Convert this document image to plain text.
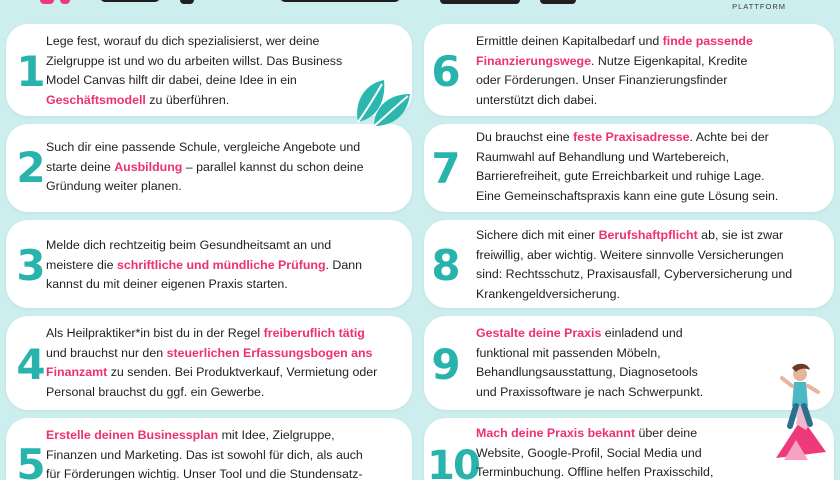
PLATTFORM
1
Lege fest, worauf du dich spezialisierst, wer deine
Zielgruppe ist und wo du arbeiten willst. Das Business
Model Canvas hilft dir dabei, deine Idee in ein
Geschäftsmodell zu überführen.
2 Such dir eine passende Schule, vergleiche Angebote und
starte deine Ausbildung – parallel kannst du schon deine
Gründung weiter planen.
3 Melde dich rechtzeitig beim Gesundheitsamt an und
meistere die schriftliche und mündliche Prüfung. Dann
kannst du mit deiner eigenen Praxis starten.
4
Als Heilpraktiker*in bist du in der Regel freiberuflich tätig
und brauchst nur den steuerlichen Erfassungsbogen ans
Finanzamt zu senden. Bei Produktverkauf, Vermietung oder
Personal brauchst du ggf. ein Gewerbe.
5
Erstelle deinen Businessplan mit Idee, Zielgruppe,
Finanzen und Marketing. Das ist sowohl für dich, als auch
für Förderungen wichtig. Unser Tool und die Stundensatz-
6
Ermittle deinen Kapitalbedarf und finde passende
Finanzierungswege. Nutze Eigenkapital, Kredite
oder Förderungen. Unser Finanzierungsfinder
unterstützt dich dabei.
7
Du brauchst eine feste Praxisadresse. Achte bei der
Raumwahl auf Behandlung und Wartebereich,
Barrierefreiheit, gute Erreichbarkeit und ruhige Lage.
Eine Gemeinschaftspraxis kann eine gute Lösung sein.
8
Sichere dich mit einer Berufshaftpflicht ab, sie ist zwar
freiwillig, aber wichtig. Weitere sinnvolle Versicherungen
sind: Rechtsschutz, Praxisausfall, Cyberversicherung und
Krankengeldversicherung.
9
Gestalte deine Praxis einladend und
funktional mit passenden Möbeln,
Behandlungsausstattung, Diagnosetools
und Praxissoftware je nach Schwerpunkt.
10
Mach deine Praxis bekannt über deine
Website, Google-Profil, Social Media und
Terminbuchung. Offline helfen Praxisschild,
